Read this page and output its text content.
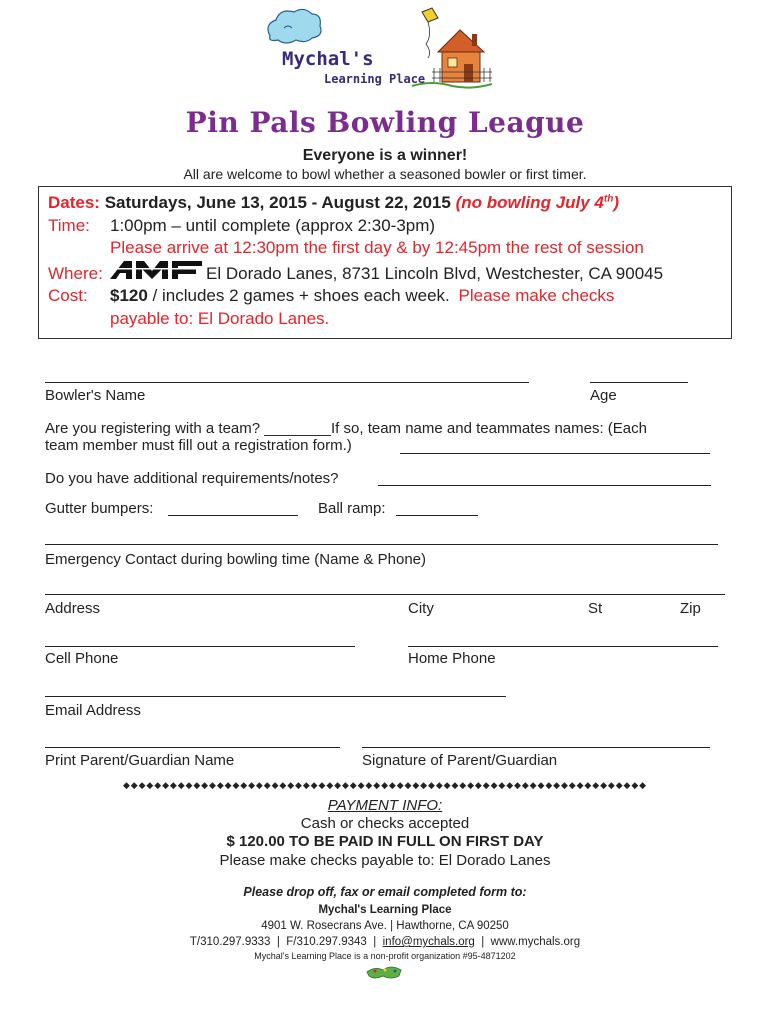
Mychal's
Learning Place
Pin Pals Bowling League
Everyone is a winner!
All are welcome to bowl whether a seasoned bowler or first timer.
Dates: Saturdays, June 13, 2015 - August 22, 2015 (no bowling July 4th)
Time: 1:00pm – until complete (approx 2:30-3pm)
Please arrive at 12:30pm the first day & by 12:45pm the rest of session
Where:	El Dorado Lanes, 8731 Lincoln Blvd, Westchester, CA 90045
Cost: $120 / includes 2 games + shoes each week. Please make checks
payable to: El Dorado Lanes.
Bowler's Name	Age
Are you registering with a team? ________If so, team name and teammates names: (Each
team member must fill out a registration form.)
Do you have additional requirements/notes?
Gutter bumpers:	Ball ramp:
Emergency Contact during bowling time (Name & Phone)
Address	City	St	Zip
Cell Phone	Home Phone
Email Address
Print Parent/Guardian Name	Signature of Parent/Guardian
◆◆◆◆◆◆◆◆◆◆◆◆◆◆◆◆◆◆◆◆◆◆◆◆◆◆◆◆◆◆◆◆◆◆◆◆◆◆◆◆◆◆◆◆◆◆◆◆◆◆◆◆◆◆◆◆◆◆◆◆◆◆◆◆◆◆◆
PAYMENT INFO:
Cash or checks accepted
$ 120.00 TO BE PAID IN FULL ON FIRST DAY
Please make checks payable to: El Dorado Lanes
Please drop off, fax or email completed form to:
Mychal's Learning Place
4901 W. Rosecrans Ave. | Hawthorne, CA 90250
T/310.297.9333  |  F/310.297.9343  |  info@mychals.org  |  www.mychals.org
Mychal's Learning Place is a non-profit organization #95-4871202
